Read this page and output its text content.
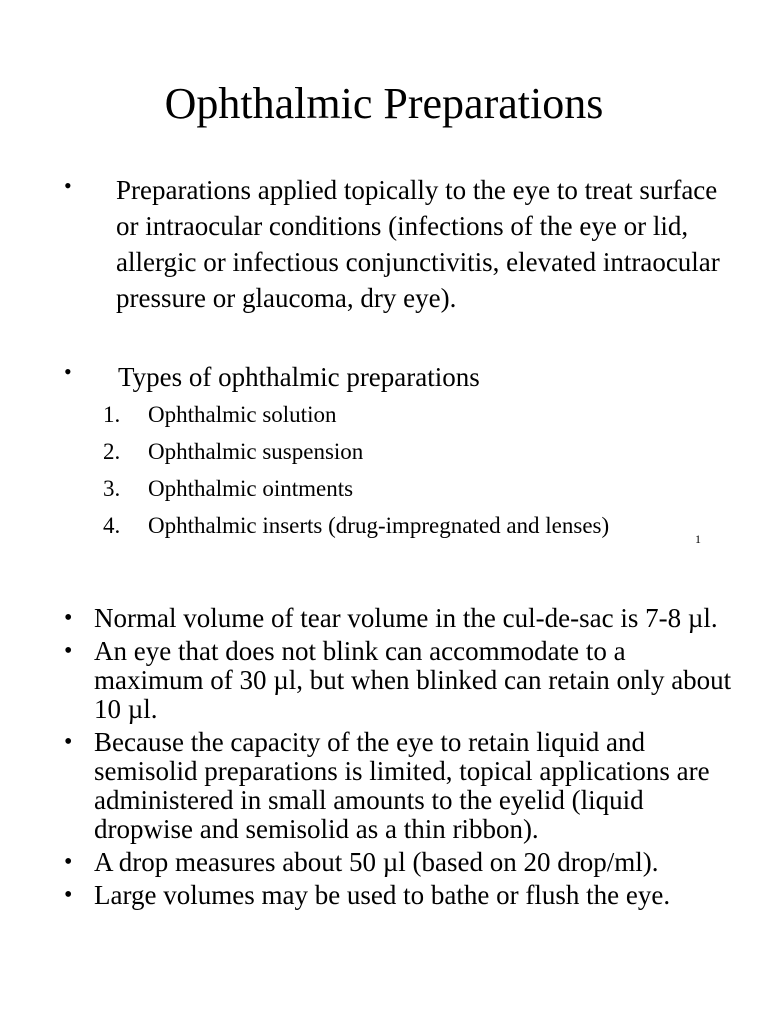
Ophthalmic Preparations
• Preparations applied topically to the eye to treat surface or intraocular conditions (infections of the eye or lid, allergic or infectious conjunctivitis, elevated intraocular pressure or glaucoma, dry eye).
• Types of ophthalmic preparations
1. Ophthalmic solution
2. Ophthalmic suspension
3. Ophthalmic ointments
4. Ophthalmic inserts (drug-impregnated and lenses)
1
• Normal volume of tear volume in the cul-de-sac is 7-8 µl.
• An eye that does not blink can accommodate to a maximum of 30 µl, but when blinked can retain only about 10 µl.
• Because the capacity of the eye to retain liquid and semisolid preparations is limited, topical applications are administered in small amounts to the eyelid (liquid dropwise and semisolid as a thin ribbon).
• A drop measures about 50 µl (based on 20 drop/ml).
• Large volumes may be used to bathe or flush the eye.
